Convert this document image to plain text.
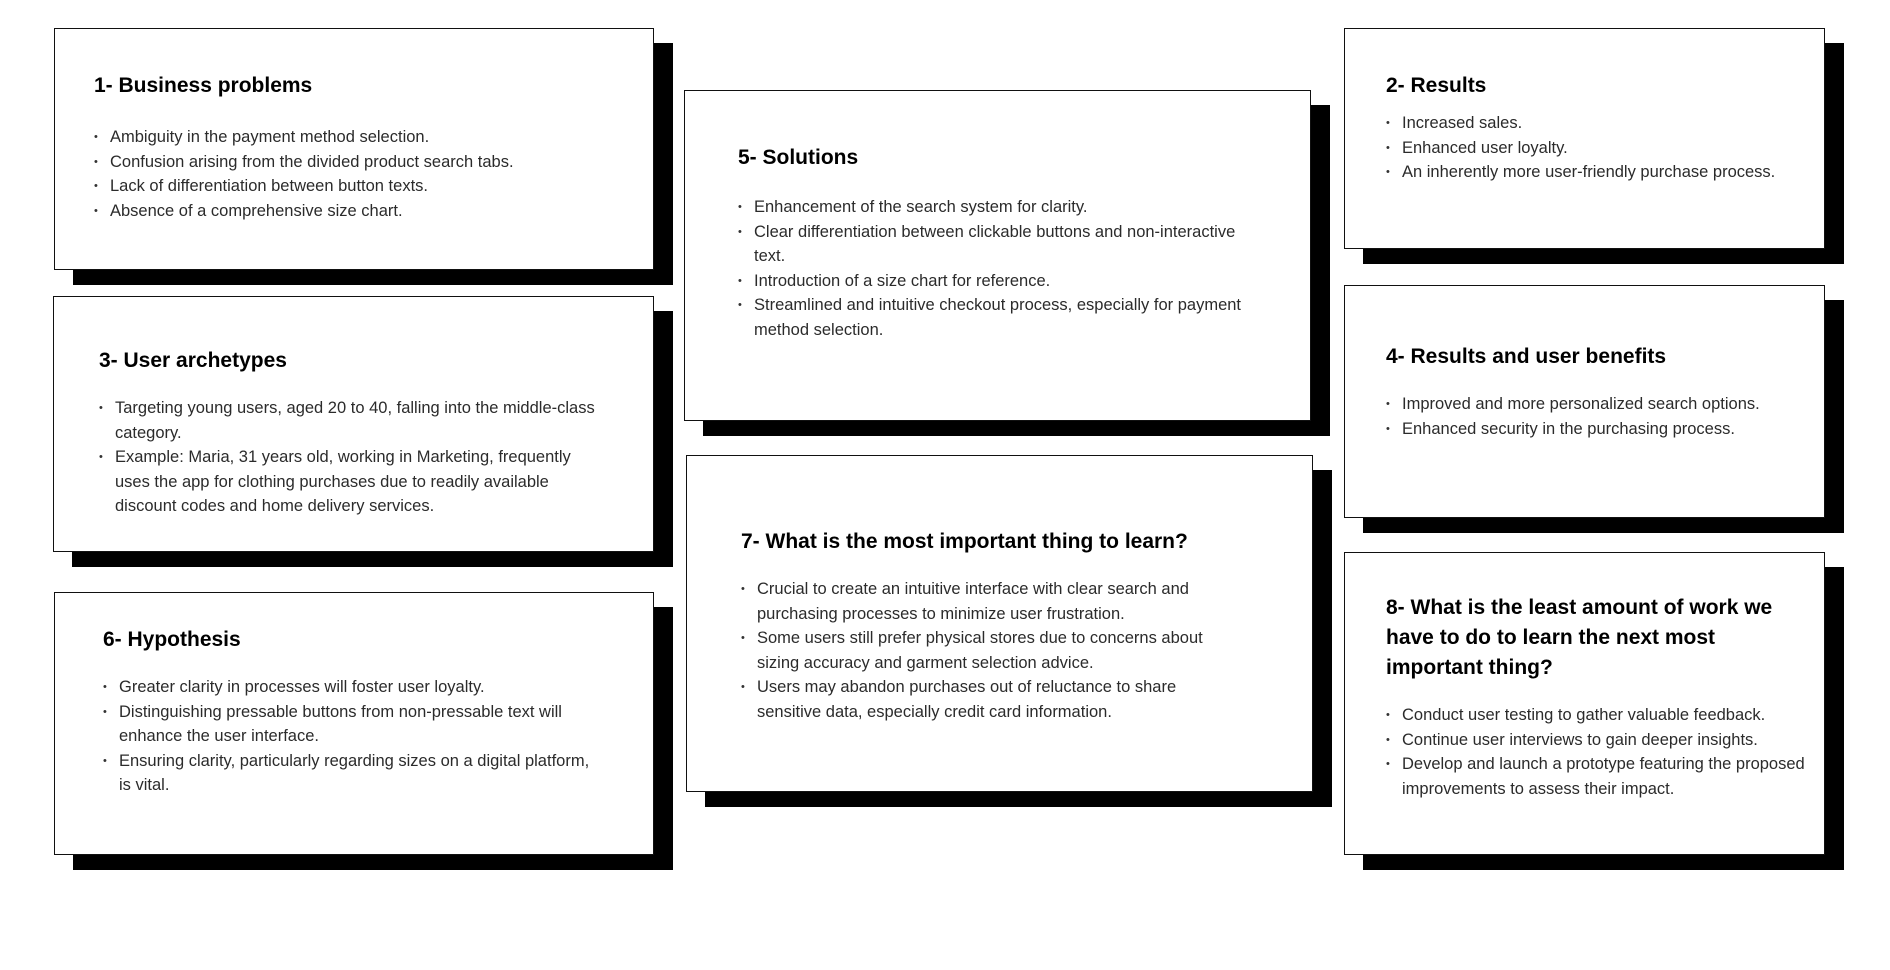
1- Business problems
• Ambiguity in the payment method selection.
• Confusion arising from the divided product search tabs.
• Lack of differentiation between button texts.
• Absence of a comprehensive size chart.
2- Results
• Increased sales.
• Enhanced user loyalty.
• An inherently more user-friendly purchase process.
3- User archetypes
• Targeting young users, aged 20 to 40, falling into the middle-class category.
• Example: Maria, 31 years old, working in Marketing, frequently uses the app for clothing purchases due to readily available discount codes and home delivery services.
4- Results and user benefits
• Improved and more personalized search options.
• Enhanced security in the purchasing process.
5- Solutions
• Enhancement of the search system for clarity.
• Clear differentiation between clickable buttons and non-interactive text.
• Introduction of a size chart for reference.
• Streamlined and intuitive checkout process, especially for payment method selection.
6- Hypothesis
• Greater clarity in processes will foster user loyalty.
• Distinguishing pressable buttons from non-pressable text will enhance the user interface.
• Ensuring clarity, particularly regarding sizes on a digital platform, is vital.
7- What is the most important thing to learn?
• Crucial to create an intuitive interface with clear search and purchasing processes to minimize user frustration.
• Some users still prefer physical stores due to concerns about sizing accuracy and garment selection advice.
• Users may abandon purchases out of reluctance to share sensitive data, especially credit card information.
8- What is the least amount of work we have to do to learn the next most important thing?
• Conduct user testing to gather valuable feedback.
• Continue user interviews to gain deeper insights.
• Develop and launch a prototype featuring the proposed improvements to assess their impact.
